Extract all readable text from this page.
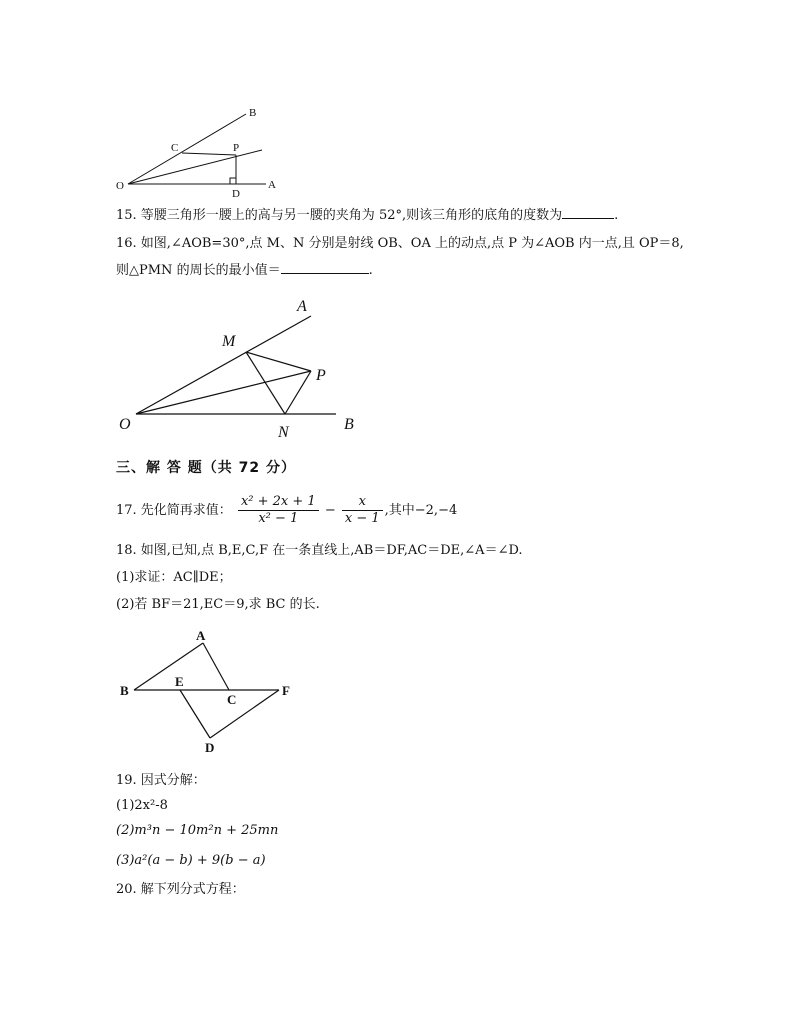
B
C	P
O
D
A
15. 等腰三角形一腰上的高与另一腰的夹角为 52°,则该三角形的底角的度数为	.
16. 如图,∠AOB=30°,点 M、N 分别是射线 OB、OA 上的动点,点 P 为∠AOB 内一点,且 OP＝8,
则△PMN 的周长的最小值＝	.
A
M
P
O	N	B
三、解 答 题（共 72 分）
17. 先化简再求值： $\frac{\text{x² + 2x + 1}}{\text{x² − 1}} - \frac{x}{x - 1}$ ,其中−2,−4
18. 如图,已知,点 B,E,C,F 在一条直线上,AB＝DF,AC＝DE,∠A＝∠D.
(1)求证：AC∥DE；
(2)若 BF＝21,EC＝9,求 BC 的长.
A
B
E
C
F
D
19. 因式分解：
(1)2x²-8
(2)m³n − 10m²n + 25mn
(3)a²(a − b) + 9(b − a)
20. 解下列分式方程：
